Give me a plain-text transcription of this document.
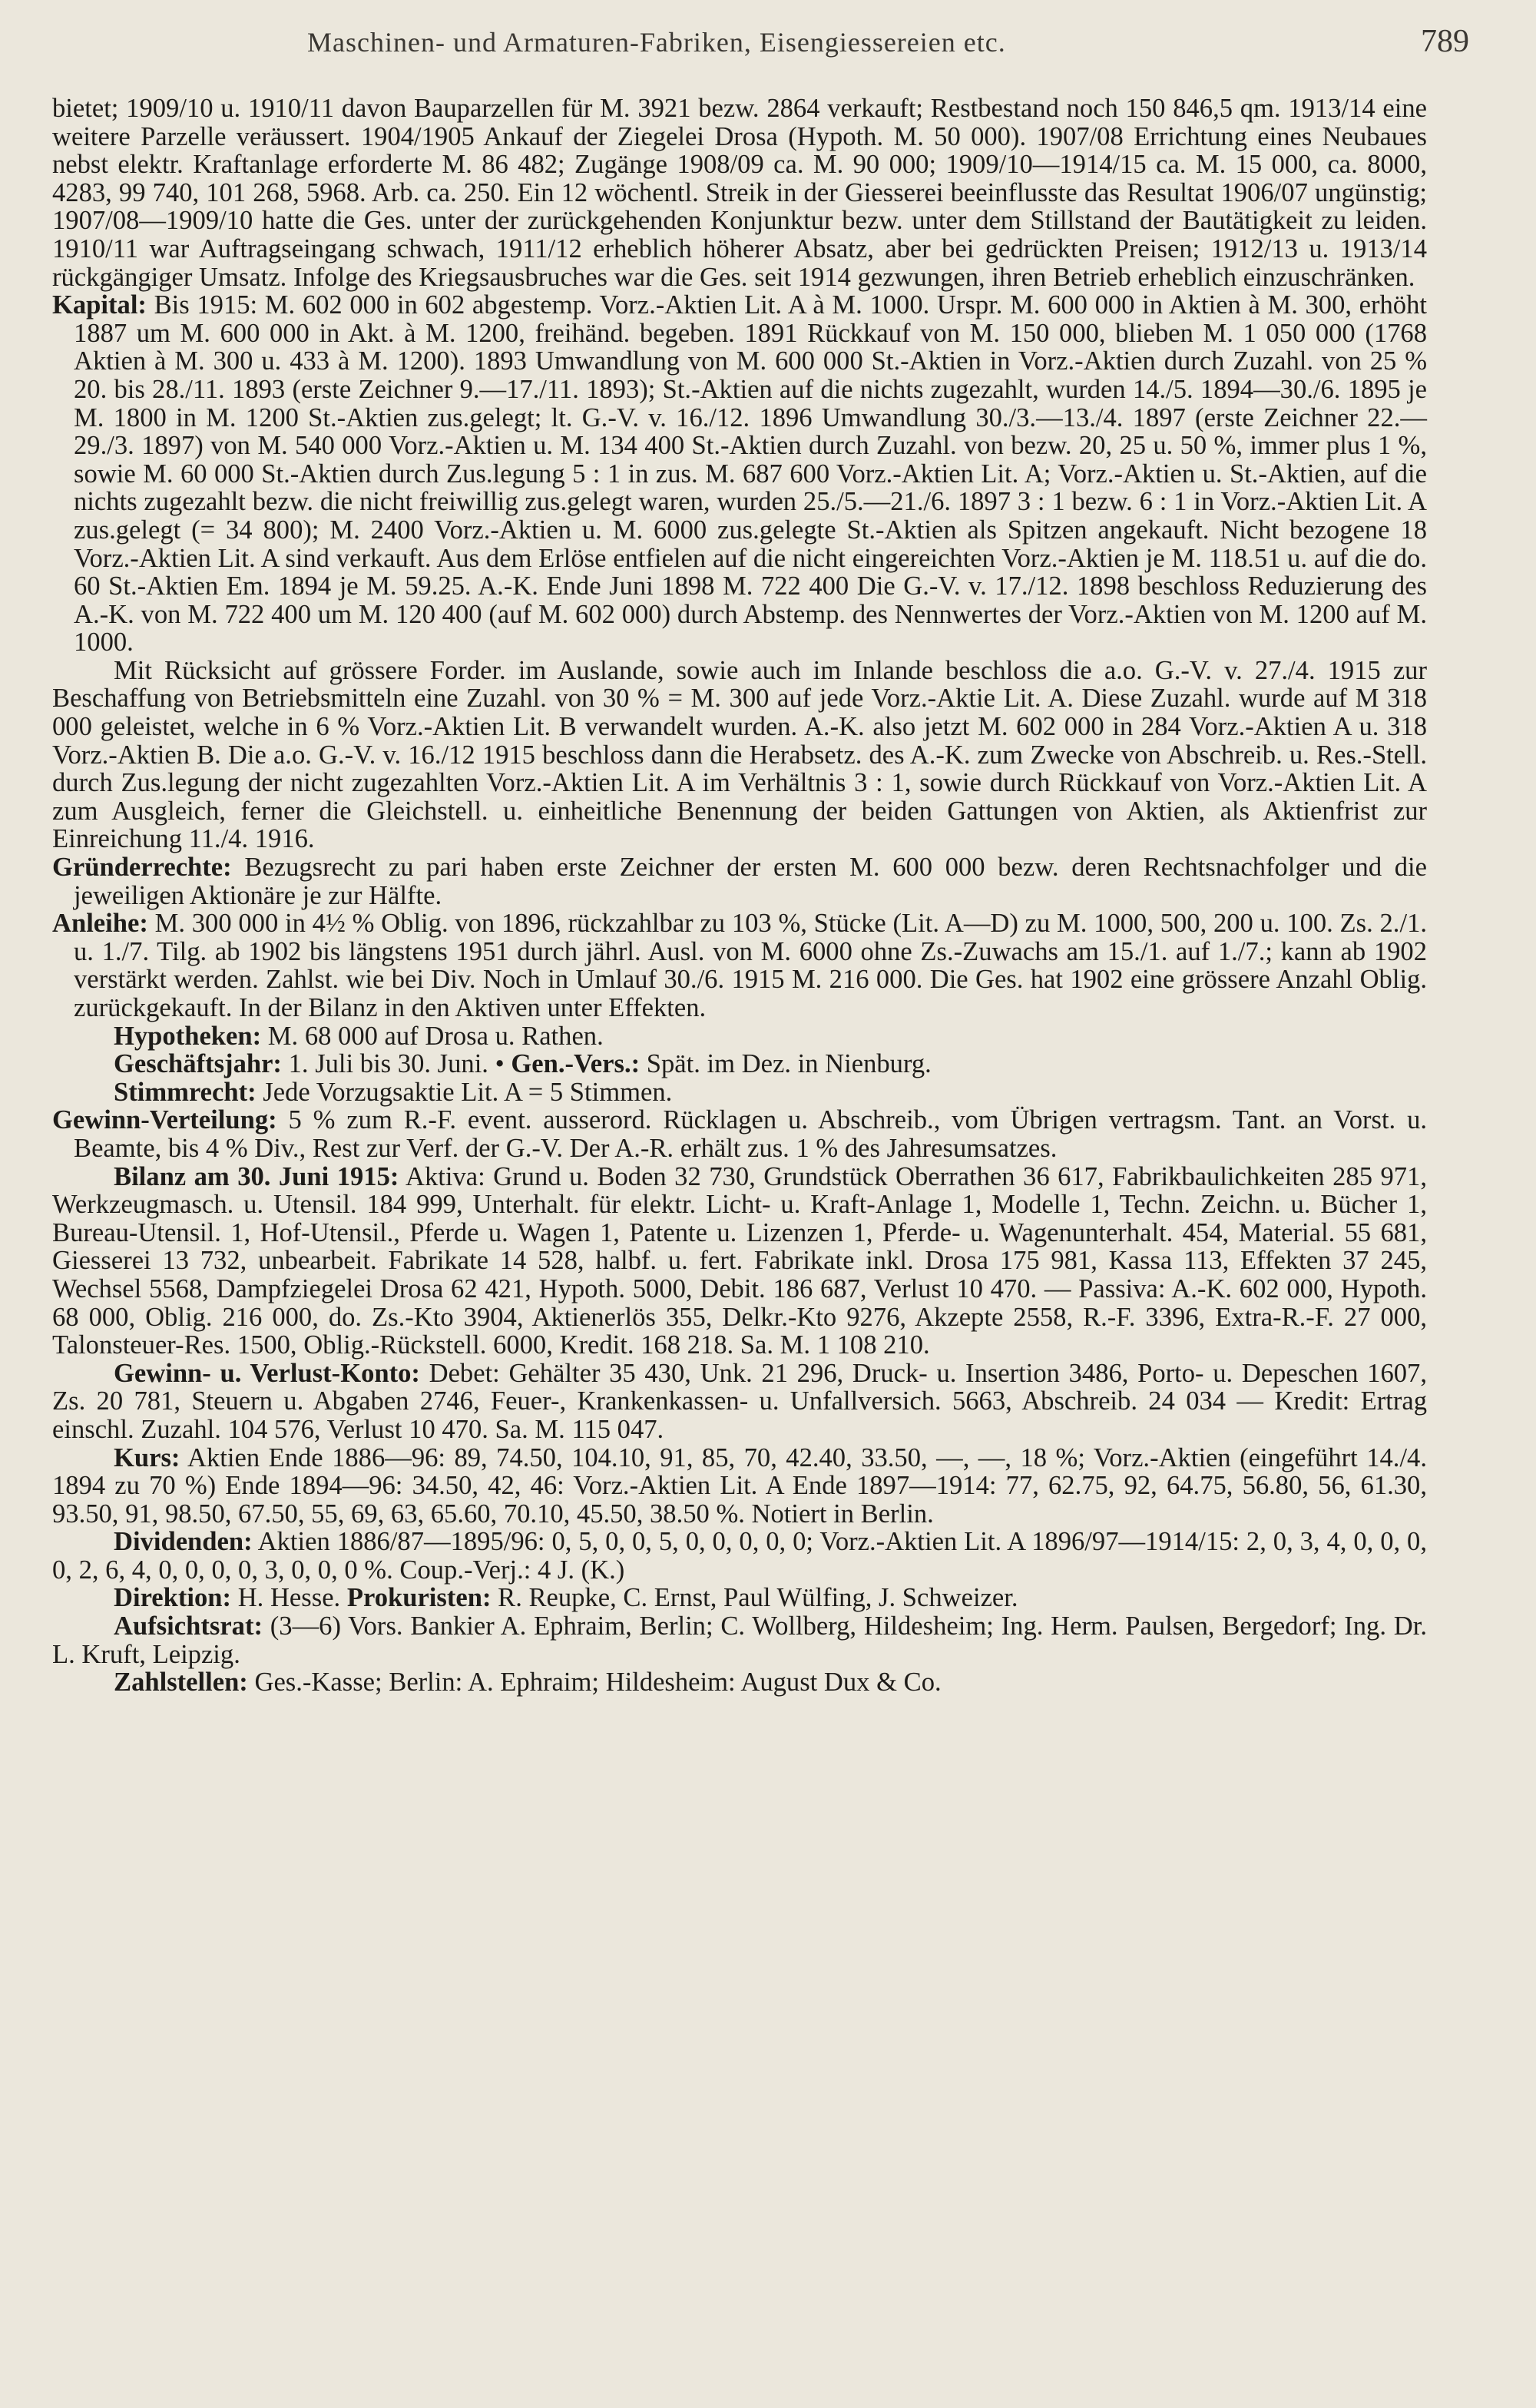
Maschinen- und Armaturen-Fabriken, Eisengiessereien etc.	789

bietet; 1909/10 u. 1910/11 davon Bauparzellen für M. 3921 bezw. 2864 verkauft; Restbestand noch 150 846,5 qm. 1913/14 eine weitere Parzelle veräussert. 1904/1905 Ankauf der Ziegelei Drosa (Hypoth. M. 50 000). 1907/08 Errichtung eines Neubaues nebst elektr. Kraftanlage erforderte M. 86 482; Zugänge 1908/09 ca. M. 90 000; 1909/10—1914/15 ca. M. 15 000, ca. 8000, 4283, 99 740, 101 268, 5968. Arb. ca. 250. Ein 12 wöchentl. Streik in der Giesserei beeinflusste das Resultat 1906/07 ungünstig; 1907/08—1909/10 hatte die Ges. unter der zurückgehenden Konjunktur bezw. unter dem Stillstand der Bautätigkeit zu leiden. 1910/11 war Auftragseingang schwach, 1911/12 erheblich höherer Absatz, aber bei gedrückten Preisen; 1912/13 u. 1913/14 rückgängiger Umsatz. Infolge des Kriegsausbruches war die Ges. seit 1914 gezwungen, ihren Betrieb erheblich einzuschränken.

Kapital: Bis 1915: M. 602 000 in 602 abgestemp. Vorz.-Aktien Lit. A à M. 1000. Urspr. M. 600 000 in Aktien à M. 300, erhöht 1887 um M. 600 000 in Akt. à M. 1200, freihänd. begeben. 1891 Rückkauf von M. 150 000, blieben M. 1 050 000 (1768 Aktien à M. 300 u. 433 à M. 1200). 1893 Umwandlung von M. 600 000 St.-Aktien in Vorz.-Aktien durch Zuzahl. von 25 % 20. bis 28./11. 1893 (erste Zeichner 9.—17./11. 1893); St.-Aktien auf die nichts zugezahlt, wurden 14./5. 1894—30./6. 1895 je M. 1800 in M. 1200 St.-Aktien zus.gelegt; lt. G.-V. v. 16./12. 1896 Umwandlung 30./3.—13./4. 1897 (erste Zeichner 22.—29./3. 1897) von M. 540 000 Vorz.-Aktien u. M. 134 400 St.-Aktien durch Zuzahl. von bezw. 20, 25 u. 50 %, immer plus 1 %, sowie M. 60 000 St.-Aktien durch Zus.legung 5 : 1 in zus. M. 687 600 Vorz.-Aktien Lit. A; Vorz.-Aktien u. St.-Aktien, auf die nichts zugezahlt bezw. die nicht freiwillig zus.gelegt waren, wurden 25./5.—21./6. 1897 3 : 1 bezw. 6 : 1 in Vorz.-Aktien Lit. A zus.gelegt (= 34 800); M. 2400 Vorz.-Aktien u. M. 6000 zus.gelegte St.-Aktien als Spitzen angekauft. Nicht bezogene 18 Vorz.-Aktien Lit. A sind verkauft. Aus dem Erlöse entfielen auf die nicht eingereichten Vorz.-Aktien je M. 118.51 u. auf die do. 60 St.-Aktien Em. 1894 je M. 59.25. A.-K. Ende Juni 1898 M. 722 400 Die G.-V. v. 17./12. 1898 beschloss Reduzierung des A.-K. von M. 722 400 um M. 120 400 (auf M. 602 000) durch Abstemp. des Nennwertes der Vorz.-Aktien von M. 1200 auf M. 1000.

Mit Rücksicht auf grössere Forder. im Auslande, sowie auch im Inlande beschloss die a.o. G.-V. v. 27./4. 1915 zur Beschaffung von Betriebsmitteln eine Zuzahl. von 30 % = M. 300 auf jede Vorz.-Aktie Lit. A. Diese Zuzahl. wurde auf M 318 000 geleistet, welche in 6 % Vorz.-Aktien Lit. B verwandelt wurden. A.-K. also jetzt M. 602 000 in 284 Vorz.-Aktien A u. 318 Vorz.-Aktien B. Die a.o. G.-V. v. 16./12 1915 beschloss dann die Herabsetz. des A.-K. zum Zwecke von Abschreib. u. Res.-Stell. durch Zus.legung der nicht zugezahlten Vorz.-Aktien Lit. A im Verhältnis 3 : 1, sowie durch Rückkauf von Vorz.-Aktien Lit. A zum Ausgleich, ferner die Gleichstell. u. einheitliche Benennung der beiden Gattungen von Aktien, als Aktienfrist zur Einreichung 11./4. 1916.

Gründerrechte: Bezugsrecht zu pari haben erste Zeichner der ersten M. 600 000 bezw. deren Rechtsnachfolger und die jeweiligen Aktionäre je zur Hälfte.

Anleihe: M. 300 000 in 4½ % Oblig. von 1896, rückzahlbar zu 103 %, Stücke (Lit. A—D) zu M. 1000, 500, 200 u. 100. Zs. 2./1. u. 1./7. Tilg. ab 1902 bis längstens 1951 durch jährl. Ausl. von M. 6000 ohne Zs.-Zuwachs am 15./1. auf 1./7.; kann ab 1902 verstärkt werden. Zahlst. wie bei Div. Noch in Umlauf 30./6. 1915 M. 216 000. Die Ges. hat 1902 eine grössere Anzahl Oblig. zurückgekauft. In der Bilanz in den Aktiven unter Effekten.

Hypotheken: M. 68 000 auf Drosa u. Rathen.

Geschäftsjahr: 1. Juli bis 30. Juni. • Gen.-Vers.: Spät. im Dez. in Nienburg.

Stimmrecht: Jede Vorzugsaktie Lit. A = 5 Stimmen.

Gewinn-Verteilung: 5 % zum R.-F. event. ausserord. Rücklagen u. Abschreib., vom Übrigen vertragsm. Tant. an Vorst. u. Beamte, bis 4 % Div., Rest zur Verf. der G.-V. Der A.-R. erhält zus. 1 % des Jahresumsatzes.

Bilanz am 30. Juni 1915: Aktiva: Grund u. Boden 32 730, Grundstück Oberrathen 36 617, Fabrikbaulichkeiten 285 971, Werkzeugmasch. u. Utensil. 184 999, Unterhalt. für elektr. Licht- u. Kraft-Anlage 1, Modelle 1, Techn. Zeichn. u. Bücher 1, Bureau-Utensil. 1, Hof-Utensil., Pferde u. Wagen 1, Patente u. Lizenzen 1, Pferde- u. Wagenunterhalt. 454, Material. 55 681, Giesserei 13 732, unbearbeit. Fabrikate 14 528, halbf. u. fert. Fabrikate inkl. Drosa 175 981, Kassa 113, Effekten 37 245, Wechsel 5568, Dampfziegelei Drosa 62 421, Hypoth. 5000, Debit. 186 687, Verlust 10 470. — Passiva: A.-K. 602 000, Hypoth. 68 000, Oblig. 216 000, do. Zs.-Kto 3904, Aktienerlös 355, Delkr.-Kto 9276, Akzepte 2558, R.-F. 3396, Extra-R.-F. 27 000, Talonsteuer-Res. 1500, Oblig.-Rückstell. 6000, Kredit. 168 218. Sa. M. 1 108 210.

Gewinn- u. Verlust-Konto: Debet: Gehälter 35 430, Unk. 21 296, Druck- u. Insertion 3486, Porto- u. Depeschen 1607, Zs. 20 781, Steuern u. Abgaben 2746, Feuer-, Krankenkassen- u. Unfallversich. 5663, Abschreib. 24 034 — Kredit: Ertrag einschl. Zuzahl. 104 576, Verlust 10 470. Sa. M. 115 047.

Kurs: Aktien Ende 1886—96: 89, 74.50, 104.10, 91, 85, 70, 42.40, 33.50, —, —, 18 %; Vorz.-Aktien (eingeführt 14./4. 1894 zu 70 %) Ende 1894—96: 34.50, 42, 46: Vorz.-Aktien Lit. A Ende 1897—1914: 77, 62.75, 92, 64.75, 56.80, 56, 61.30, 93.50, 91, 98.50, 67.50, 55, 69, 63, 65.60, 70.10, 45.50, 38.50 %. Notiert in Berlin.

Dividenden: Aktien 1886/87—1895/96: 0, 5, 0, 0, 5, 0, 0, 0, 0, 0; Vorz.-Aktien Lit. A 1896/97—1914/15: 2, 0, 3, 4, 0, 0, 0, 0, 2, 6, 4, 0, 0, 0, 0, 3, 0, 0, 0 %. Coup.-Verj.: 4 J. (K.)

Direktion: H. Hesse. Prokuristen: R. Reupke, C. Ernst, Paul Wülfing, J. Schweizer.

Aufsichtsrat: (3—6) Vors. Bankier A. Ephraim, Berlin; C. Wollberg, Hildesheim; Ing. Herm. Paulsen, Bergedorf; Ing. Dr. L. Kruft, Leipzig.

Zahlstellen: Ges.-Kasse; Berlin: A. Ephraim; Hildesheim: August Dux & Co.
